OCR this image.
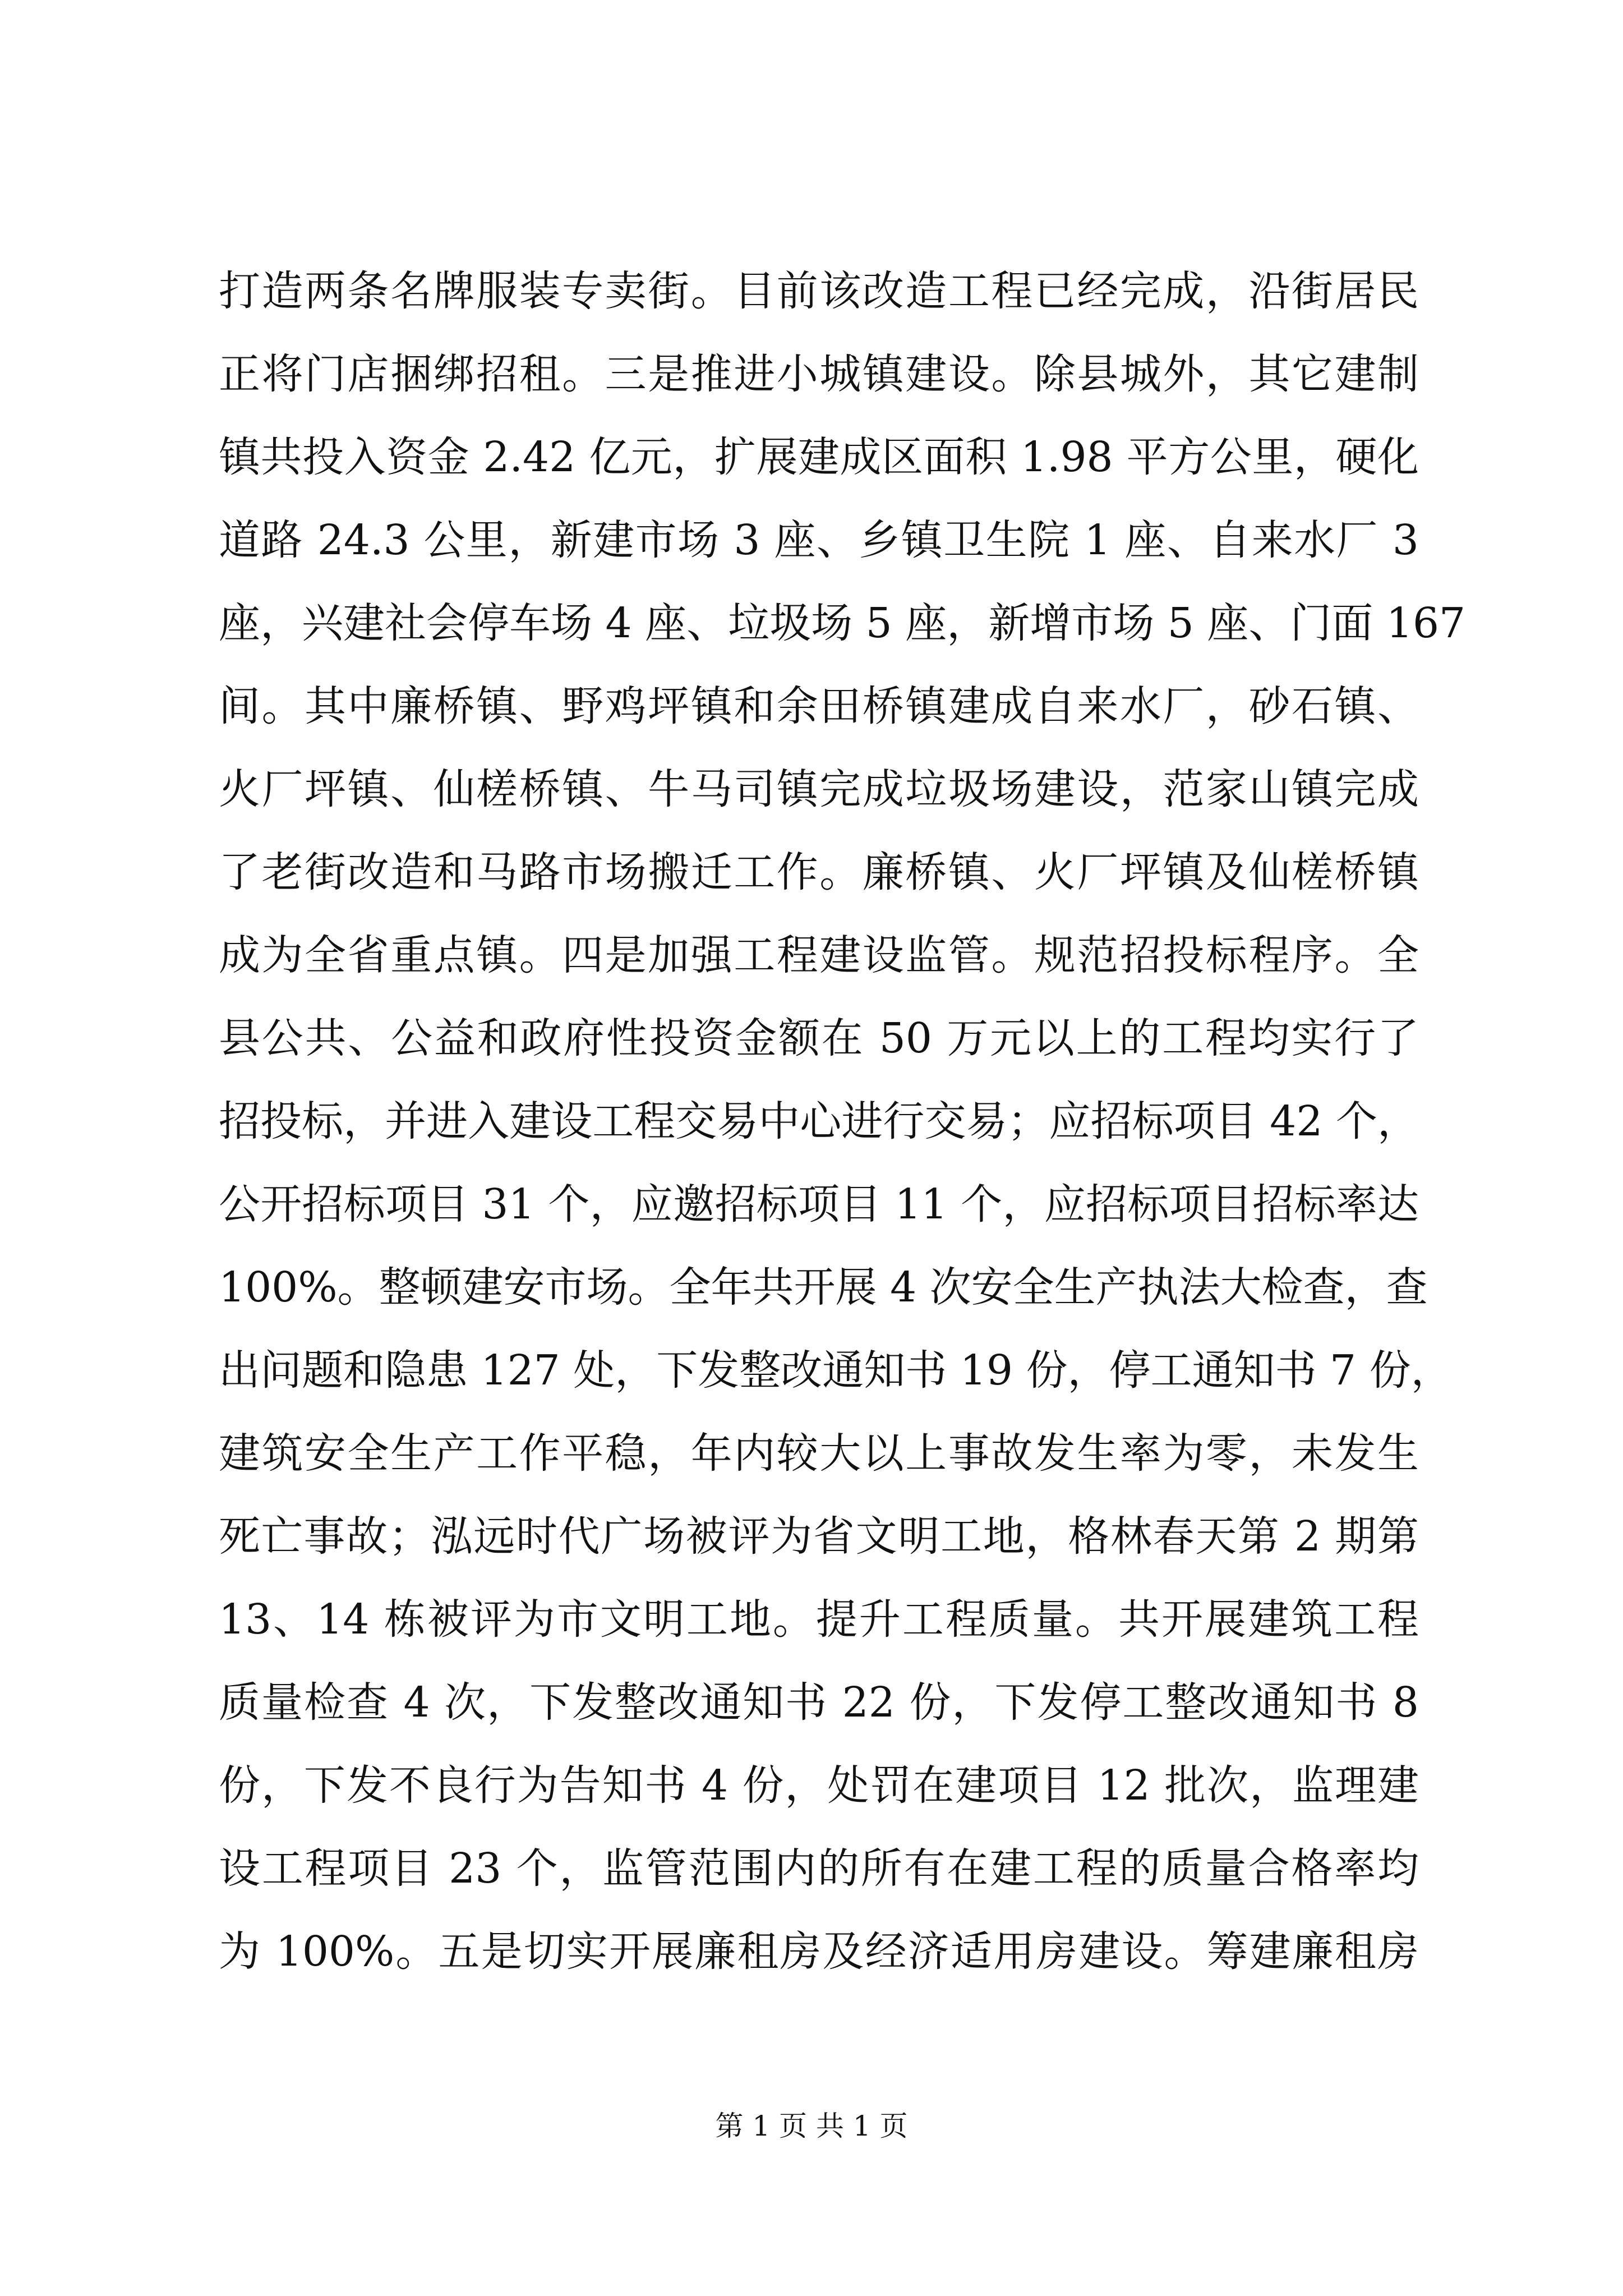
打造两条名牌服装专卖街。目前该改造工程已经完成，沿街居民
正将门店捆绑招租。三是推进小城镇建设。除县城外，其它建制
镇共投入资金 2.42 亿元，扩展建成区面积 1.98 平方公里，硬化
道路 24.3 公里，新建市场 3 座、乡镇卫生院 1 座、自来水厂 3
座，兴建社会停车场 4 座、垃圾场 5 座，新增市场 5 座、门面 167
间。其中廉桥镇、野鸡坪镇和余田桥镇建成自来水厂，砂石镇、
火厂坪镇、仙槎桥镇、牛马司镇完成垃圾场建设，范家山镇完成
了老街改造和马路市场搬迁工作。廉桥镇、火厂坪镇及仙槎桥镇
成为全省重点镇。四是加强工程建设监管。规范招投标程序。全
县公共、公益和政府性投资金额在 50 万元以上的工程均实行了
招投标，并进入建设工程交易中心进行交易；应招标项目 42 个，
公开招标项目 31 个，应邀招标项目 11 个，应招标项目招标率达
100%。整顿建安市场。全年共开展 4 次安全生产执法大检查，查
出问题和隐患 127 处，下发整改通知书 19 份，停工通知书 7 份，
建筑安全生产工作平稳，年内较大以上事故发生率为零，未发生
死亡事故；泓远时代广场被评为省文明工地，格林春天第 2 期第
13、14 栋被评为市文明工地。提升工程质量。共开展建筑工程
质量检查 4 次，下发整改通知书 22 份，下发停工整改通知书 8
份，下发不良行为告知书 4 份，处罚在建项目 12 批次，监理建
设工程项目 23 个，监管范围内的所有在建工程的质量合格率均
为 100%。五是切实开展廉租房及经济适用房建设。筹建廉租房
第 1 页 共 1 页
